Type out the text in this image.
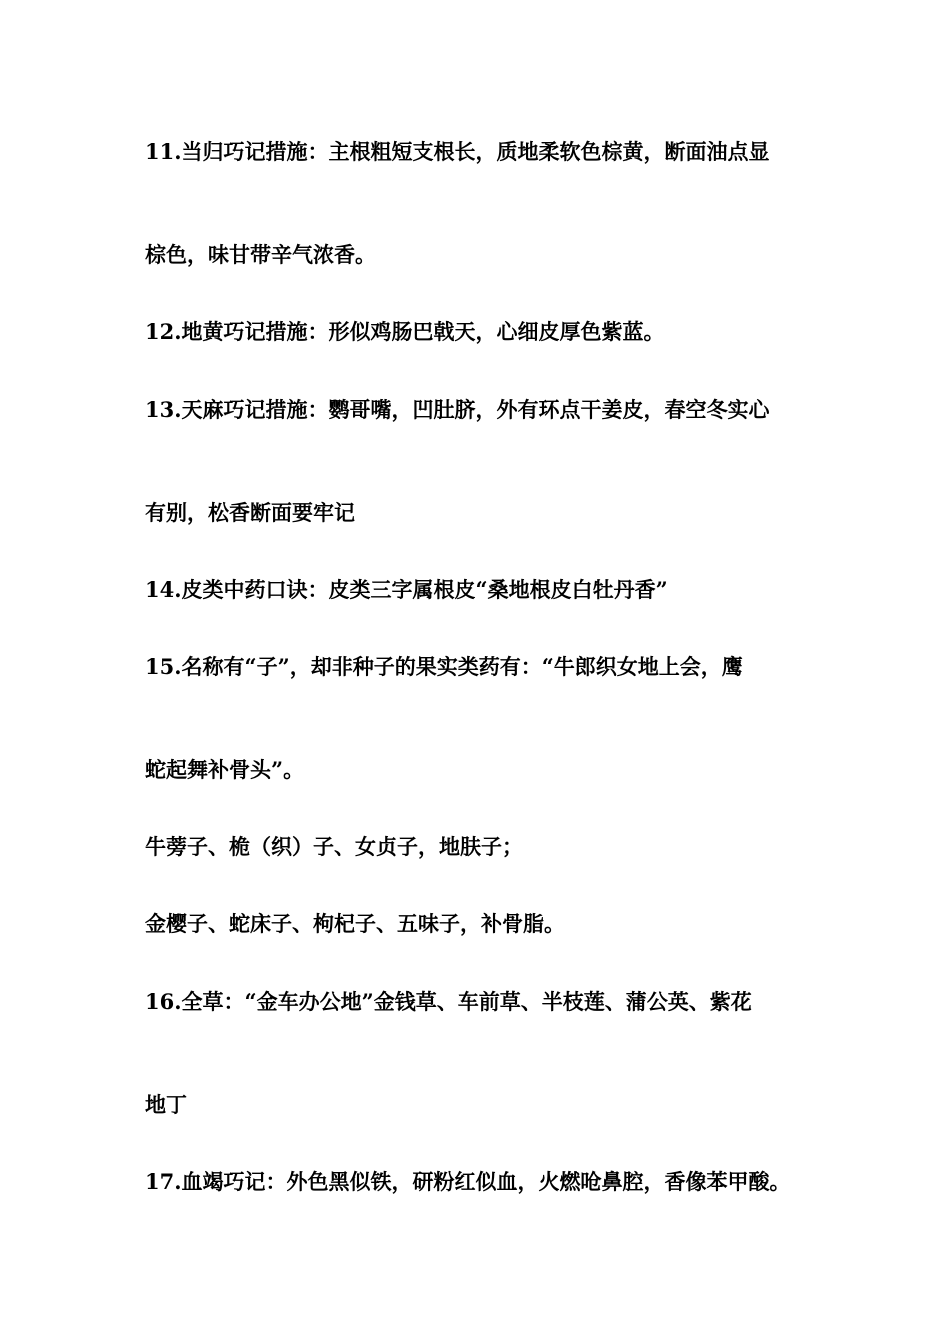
11.当归巧记措施：主根粗短支根长，质地柔软色棕黄，断面油点显
棕色，味甘带辛气浓香。
12.地黄巧记措施：形似鸡肠巴戟天，心细皮厚色紫蓝。
13.天麻巧记措施：鹦哥嘴，凹肚脐，外有环点干姜皮，春空冬实心
有别，松香断面要牢记
14.皮类中药口诀：皮类三字属根皮“桑地根皮白牡丹香”
15.名称有“子”，却非种子的果实类药有：“牛郎织女地上会，鹰
蛇起舞补骨头”。
牛蒡子、桅（织）子、女贞子，地肤子；
金樱子、蛇床子、枸杞子、五味子，补骨脂。
16.全草：“金车办公地”金钱草、车前草、半枝莲、蒲公英、紫花
地丁
17.血竭巧记：外色黑似铁，研粉红似血，火燃呛鼻腔，香像苯甲酸。
